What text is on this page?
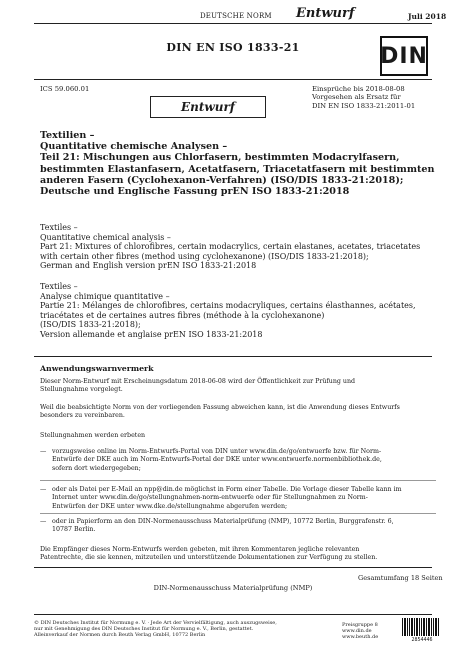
DEUTSCHE NORM Entwurf	Juli 2018
DIN EN ISO 1833-21	DIN
ICS 59.060.01	Einsprüche bis 2018-08-08
Vorgesehen als Ersatz für
DIN EN ISO 1833-21:2011-01
Entwurf
Textilien –
Quantitative chemische Analysen –
Teil 21: Mischungen aus Chlorfasern, bestimmten Modacrylfasern,
bestimmten Elastanfasern, Acetatfasern, Triacetatfasern mit bestimmten
anderen Fasern (Cyclohexanon-Verfahren) (ISO/DIS 1833-21:2018);
Deutsche und Englische Fassung prEN ISO 1833-21:2018
Textiles –
Quantitative chemical analysis –
Part 21: Mixtures of chlorofibres, certain modacrylics, certain elastanes, acetates, triacetates
with certain other fibres (method using cyclohexanone) (ISO/DIS 1833-21:2018);
German and English version prEN ISO 1833-21:2018
Textiles –
Analyse chimique quantitative –
Partie 21: Mélanges de chlorofibres, certains modacryliques, certains élasthannes, acétates,
triacétates et de certaines autres fibres (méthode à la cyclohexanone)
(ISO/DIS 1833-21:2018);
Version allemande et anglaise prEN ISO 1833-21:2018
Anwendungswarnvermerk
Dieser Norm-Entwurf mit Erscheinungsdatum 2018-06-08 wird der Öffentlichkeit zur Prüfung und
Stellungnahme vorgelegt.
Weil die beabsichtigte Norm von der vorliegenden Fassung abweichen kann, ist die Anwendung dieses Entwurfs
besonders zu vereinbaren.
Stellungnahmen werden erbeten
— vorzugsweise online im Norm-Entwurfs-Portal von DIN unter www.din.de/go/entwuerfe bzw. für Norm-
Entwürfe der DKE auch im Norm-Entwurfs-Portal der DKE unter www.entwuerfe.normenbibliothek.de,
sofern dort wiedergegeben;
— oder als Datei per E-Mail an npp@din.de möglichst in Form einer Tabelle. Die Vorlage dieser Tabelle kann im
Internet unter www.din.de/go/stellungnahmen-norm-entwuerfe oder für Stellungnahmen zu Norm-
Entwürfen der DKE unter www.dke.de/stellungnahme abgerufen werden;
— oder in Papierform an den DIN-Normenausschuss Materialprüfung (NMP), 10772 Berlin, Burggrafenstr. 6,
10787 Berlin.
Die Empfänger dieses Norm-Entwurfs werden gebeten, mit ihren Kommentaren jegliche relevanten
Patentrechte, die sie kennen, mitzuteilen und unterstützende Dokumentationen zur Verfügung zu stellen.
Gesamtumfang 18 Seiten
DIN-Normenausschuss Materialprüfung (NMP)
© DIN Deutsches Institut für Normung e. V. · Jede Art der Vervielfältigung, auch auszugsweise,
nur mit Genehmigung des DIN Deutsches Institut für Normung e. V., Berlin, gestattet.
Alleinverkauf der Normen durch Beuth Verlag GmbH, 10772 Berlin
Preisgruppe 8
www.din.de
www.beuth.de	2854446
